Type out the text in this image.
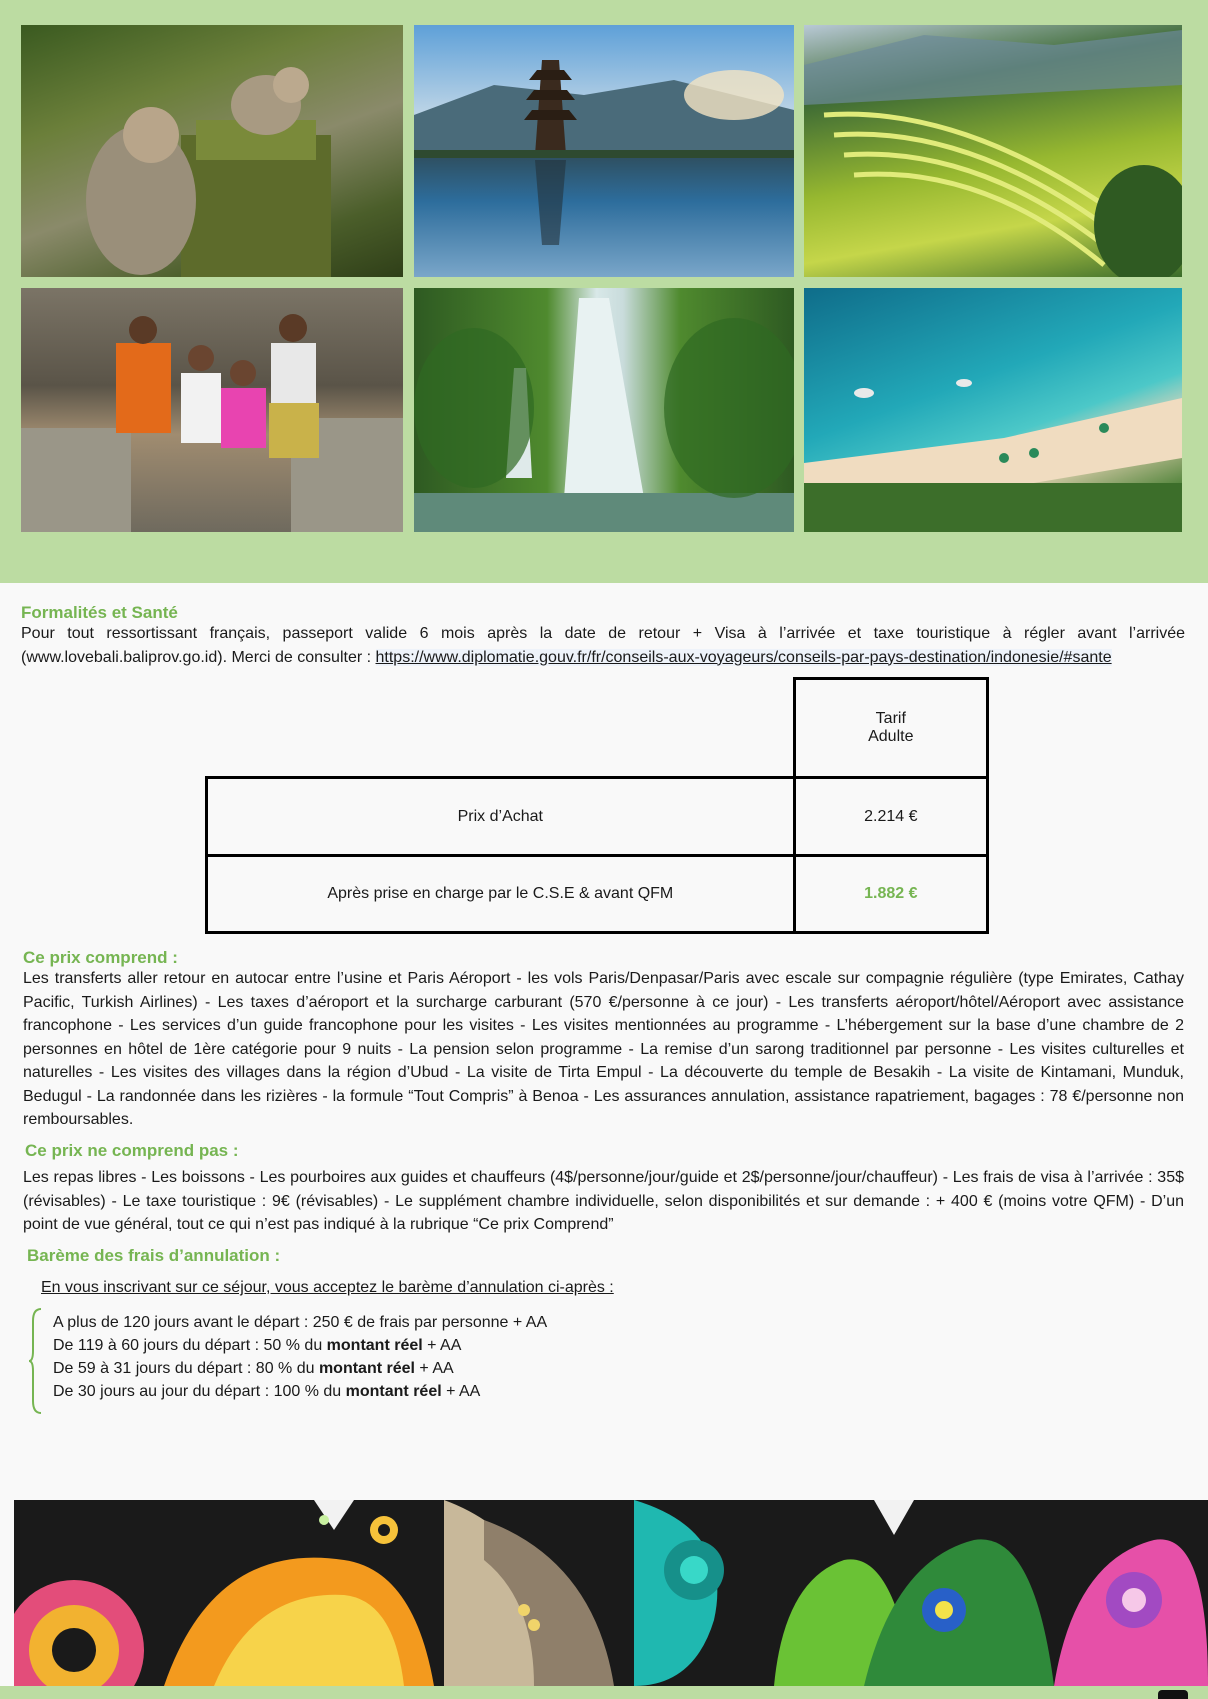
Formalités et Santé
Pour tout ressortissant français, passeport valide 6 mois après la date de retour + Visa à l’arrivée et taxe touristique à régler avant l’arrivée (www.lovebali.baliprov.go.id). Merci de consulter : https://www.diplomatie.gouv.fr/fr/conseils-aux-voyageurs/conseils-par-pays-destination/indonesie/#sante

	Tarif
Adulte

Prix d’Achat	2.214 €
Après prise en charge par le C.S.E & avant QFM	1.882 €
Ce prix comprend :
Les transferts aller retour en autocar entre l’usine et Paris Aéroport - les vols Paris/Denpasar/Paris avec escale sur compagnie régulière (type Emirates, Cathay Pacific, Turkish Airlines) - Les taxes d’aéroport et la surcharge carburant (570 €/personne à ce jour) - Les transferts aéroport/hôtel/Aéroport avec assistance francophone - Les services d’un guide francophone pour les visites - Les visites mentionnées au programme - L’hébergement sur la base d’une chambre de 2 personnes en hôtel de 1ère catégorie pour 9 nuits - La pension selon programme - La remise d’un sarong traditionnel par personne - Les visites culturelles et naturelles - Les visites des villages dans la région d’Ubud - La visite de Tirta Empul - La découverte du temple de Besakih - La visite de Kintamani, Munduk, Bedugul - La randonnée dans les rizières - la formule “Tout Compris” à Benoa - Les assurances annulation, assistance rapatriement, bagages : 78 €/personne non remboursables.
Ce prix ne comprend pas :
Les repas libres - Les boissons - Les pourboires aux guides et chauffeurs (4$/personne/jour/guide et 2$/personne/jour/chauffeur) - Les frais de visa à l’arrivée : 35$ (révisables) - Le taxe touristique : 9€ (révisables) - Le supplément chambre individuelle, selon disponibilités et sur demande : + 400 € (moins votre QFM) - D’un point de vue général, tout ce qui n’est pas indiqué à la rubrique “Ce prix Comprend”
Barème des frais d’annulation :
En vous inscrivant sur ce séjour, vous acceptez le barème d’annulation ci-après :
A plus de 120 jours avant le départ : 250 € de frais par personne + AA
De 119 à 60 jours du départ : 50 % du montant réel + AA
De 59 à 31 jours du départ : 80 % du montant réel + AA
De 30 jours au jour du départ : 100 % du montant réel + AA
